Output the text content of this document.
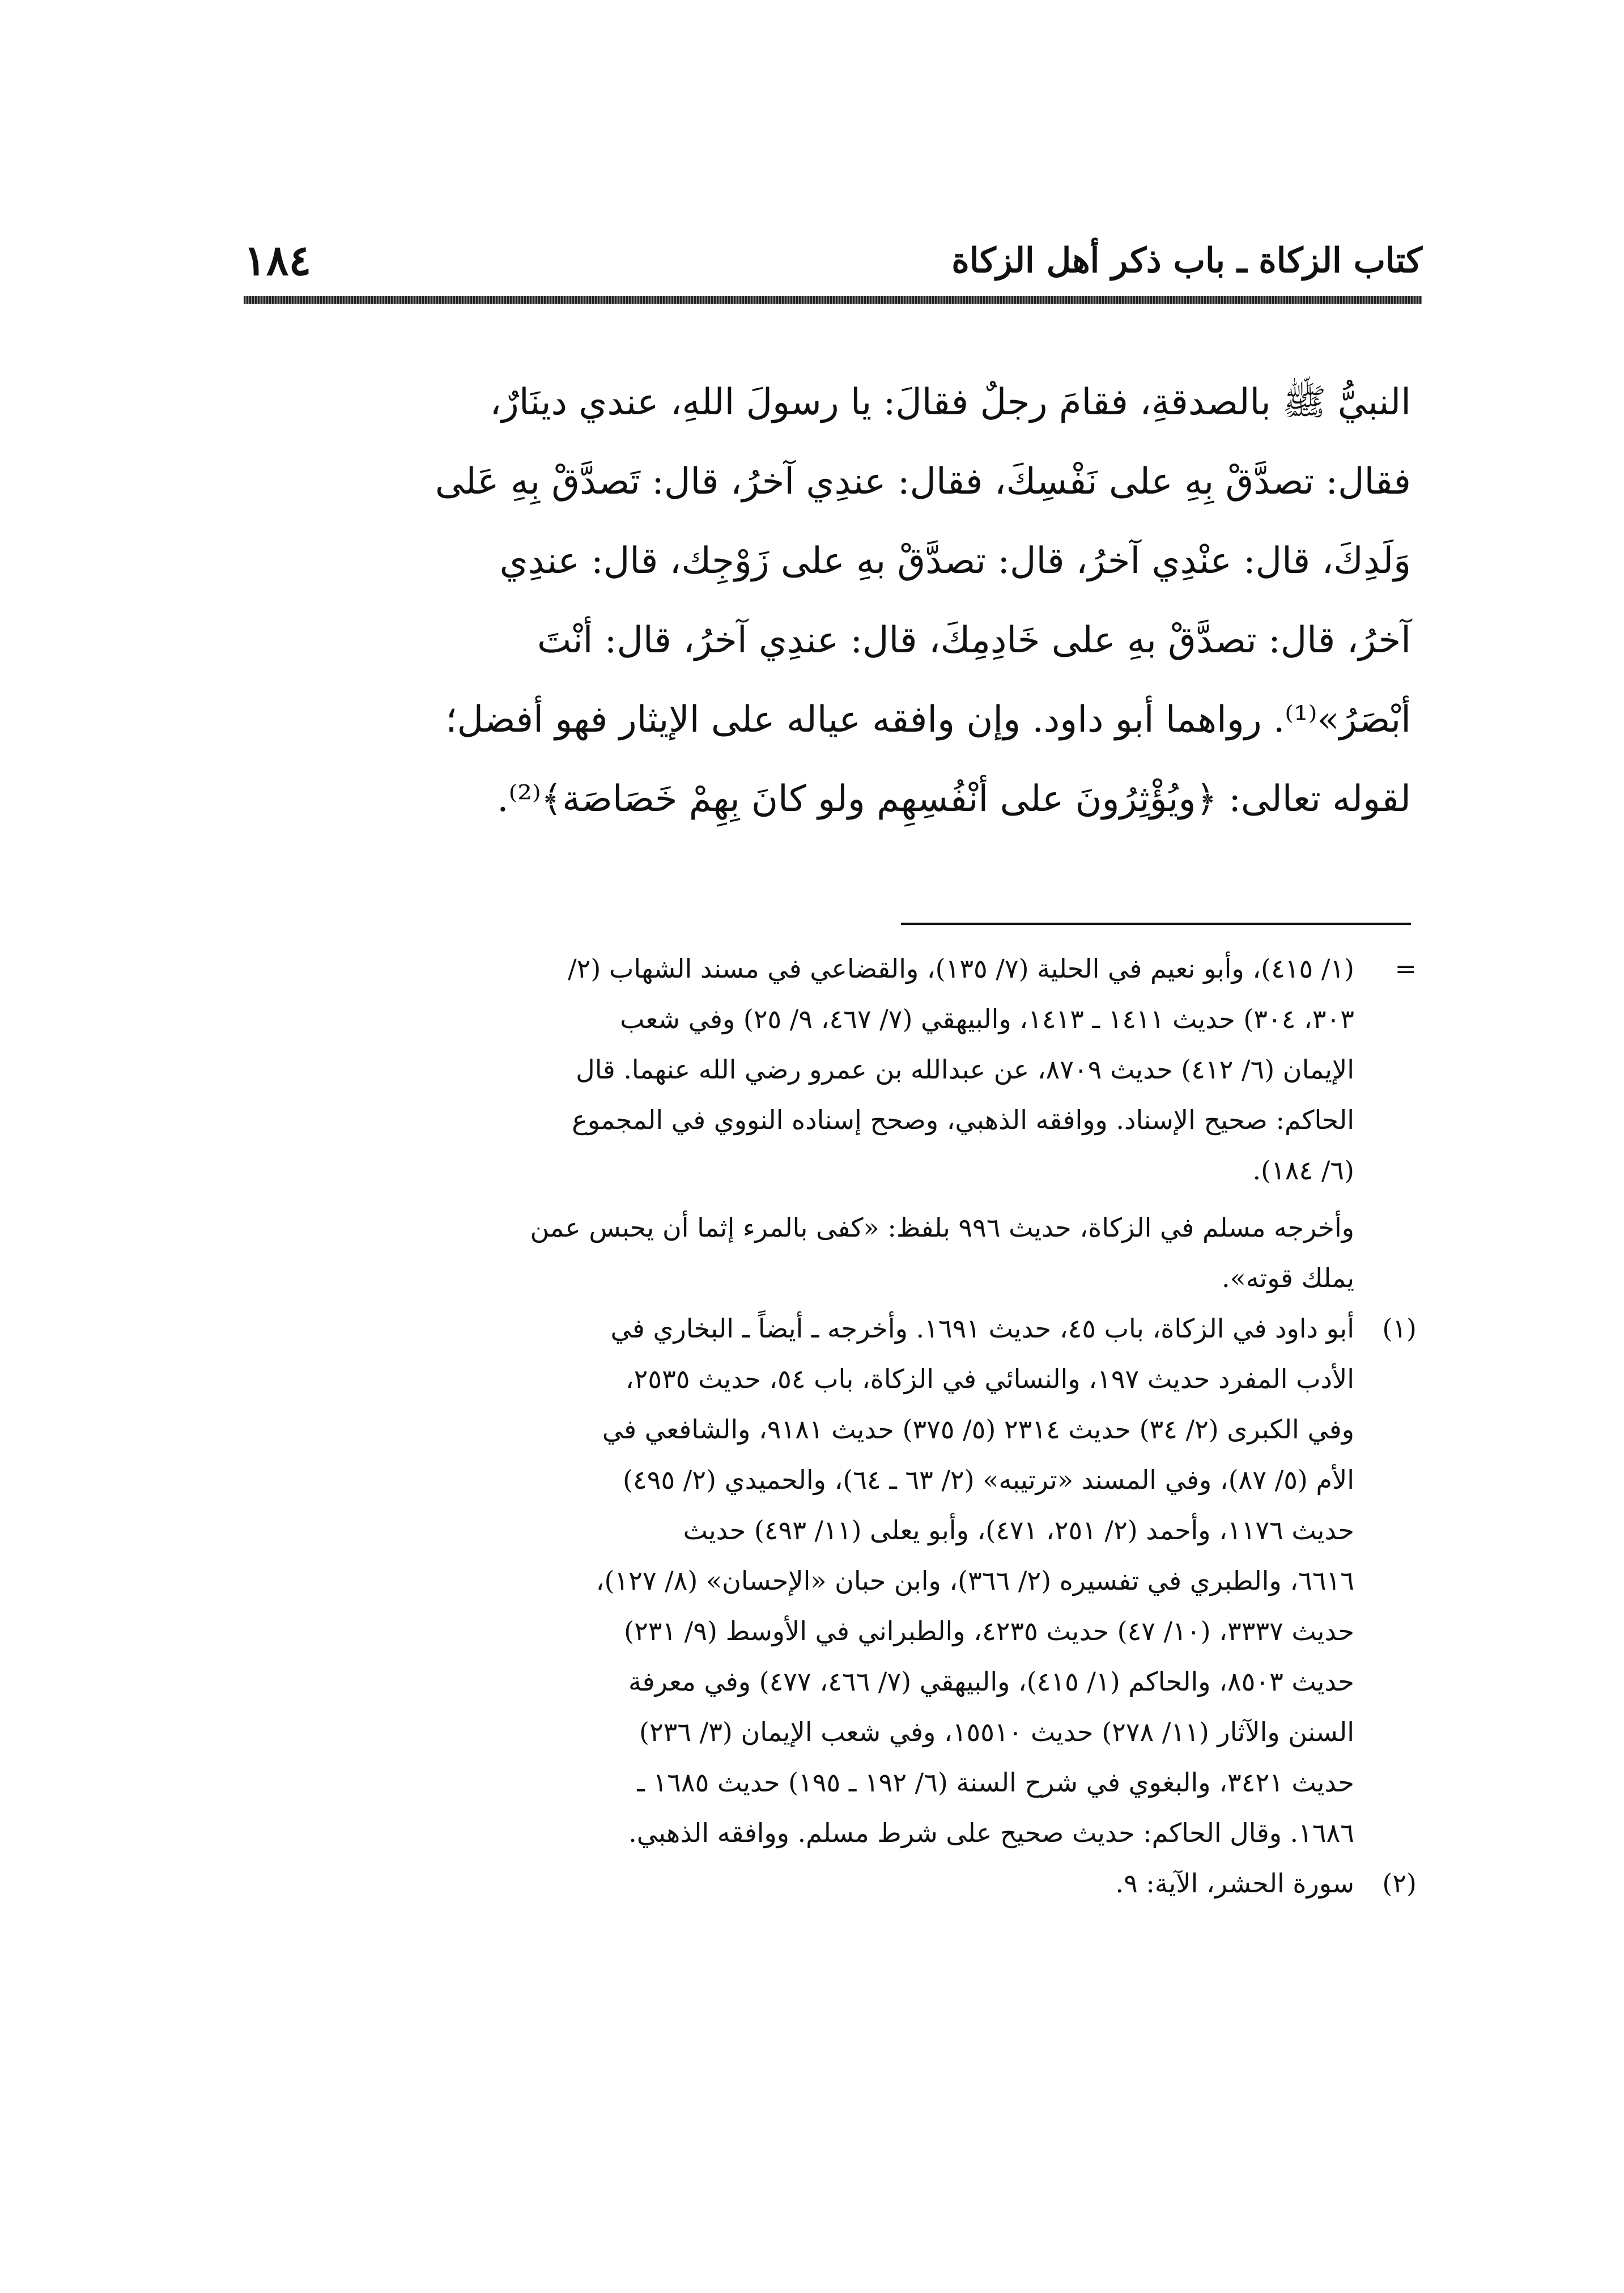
١٨٤	كتاب الزكاة ـ باب ذكر أهل الزكاة
النبيُّ ﷺ بالصدقةِ، فقامَ رجلٌ فقالَ: يا رسولَ اللهِ، عندي دينَارٌ،
فقال: تصدَّقْ بِهِ على نَفْسِكَ، فقال: عندِي آخرُ، قال: تَصدَّقْ بِهِ عَلى
وَلَدِكَ، قال: عنْدِي آخرُ، قال: تصدَّقْ بهِ على زَوْجِك، قال: عندِي
آخرُ، قال: تصدَّقْ بهِ على خَادِمِكَ، قال: عندِي آخرُ، قال: أنْتَ
أبْصَرُ»⁽¹⁾. رواهما أبو داود. وإن وافقه عياله على الإيثار فهو أفضل؛
لقوله تعالى: ﴿ويُؤْثِرُونَ على أنْفُسِهِم ولو كانَ بِهِمْ خَصَاصَة﴾⁽²⁾.
=(١/ ٤١٥)، وأبو نعيم في الحلية (٧/ ١٣٥)، والقضاعي في مسند الشهاب (٢/
٣٠٣، ٣٠٤) حديث ١٤١١ ـ ١٤١٣، والبيهقي (٧/ ٤٦٧، ٩/ ٢٥) وفي شعب
الإيمان (٦/ ٤١٢) حديث ٨٧٠٩، عن عبدالله بن عمرو رضي الله عنهما. قال
الحاكم: صحيح الإسناد. ووافقه الذهبي، وصحح إسناده النووي في المجموع
(٦/ ١٨٤).
وأخرجه مسلم في الزكاة، حديث ٩٩٦ بلفظ: «كفى بالمرء إثما أن يحبس عمن
يملك قوته».
(١)أبو داود في الزكاة، باب ٤٥، حديث ١٦٩١. وأخرجه ـ أيضاً ـ البخاري في
الأدب المفرد حديث ١٩٧، والنسائي في الزكاة، باب ٥٤، حديث ٢٥٣٥،
وفي الكبرى (٢/ ٣٤) حديث ٢٣١٤ (٥/ ٣٧٥) حديث ٩١٨١، والشافعي في
الأم (٥/ ٨٧)، وفي المسند «ترتيبه» (٢/ ٦٣ ـ ٦٤)، والحميدي (٢/ ٤٩٥)
حديث ١١٧٦، وأحمد (٢/ ٢٥١، ٤٧١)، وأبو يعلى (١١/ ٤٩٣) حديث
٦٦١٦، والطبري في تفسيره (٢/ ٣٦٦)، وابن حبان «الإحسان» (٨/ ١٢٧)،
حديث ٣٣٣٧، (١٠/ ٤٧) حديث ٤٢٣٥، والطبراني في الأوسط (٩/ ٢٣١)
حديث ٨٥٠٣، والحاكم (١/ ٤١٥)، والبيهقي (٧/ ٤٦٦، ٤٧٧) وفي معرفة
السنن والآثار (١١/ ٢٧٨) حديث ١٥٥١٠، وفي شعب الإيمان (٣/ ٢٣٦)
حديث ٣٤٢١، والبغوي في شرح السنة (٦/ ١٩٢ ـ ١٩٥) حديث ١٦٨٥ ـ
١٦٨٦. وقال الحاكم: حديث صحيح على شرط مسلم. ووافقه الذهبي.
(٢)سورة الحشر، الآية: ٩.
